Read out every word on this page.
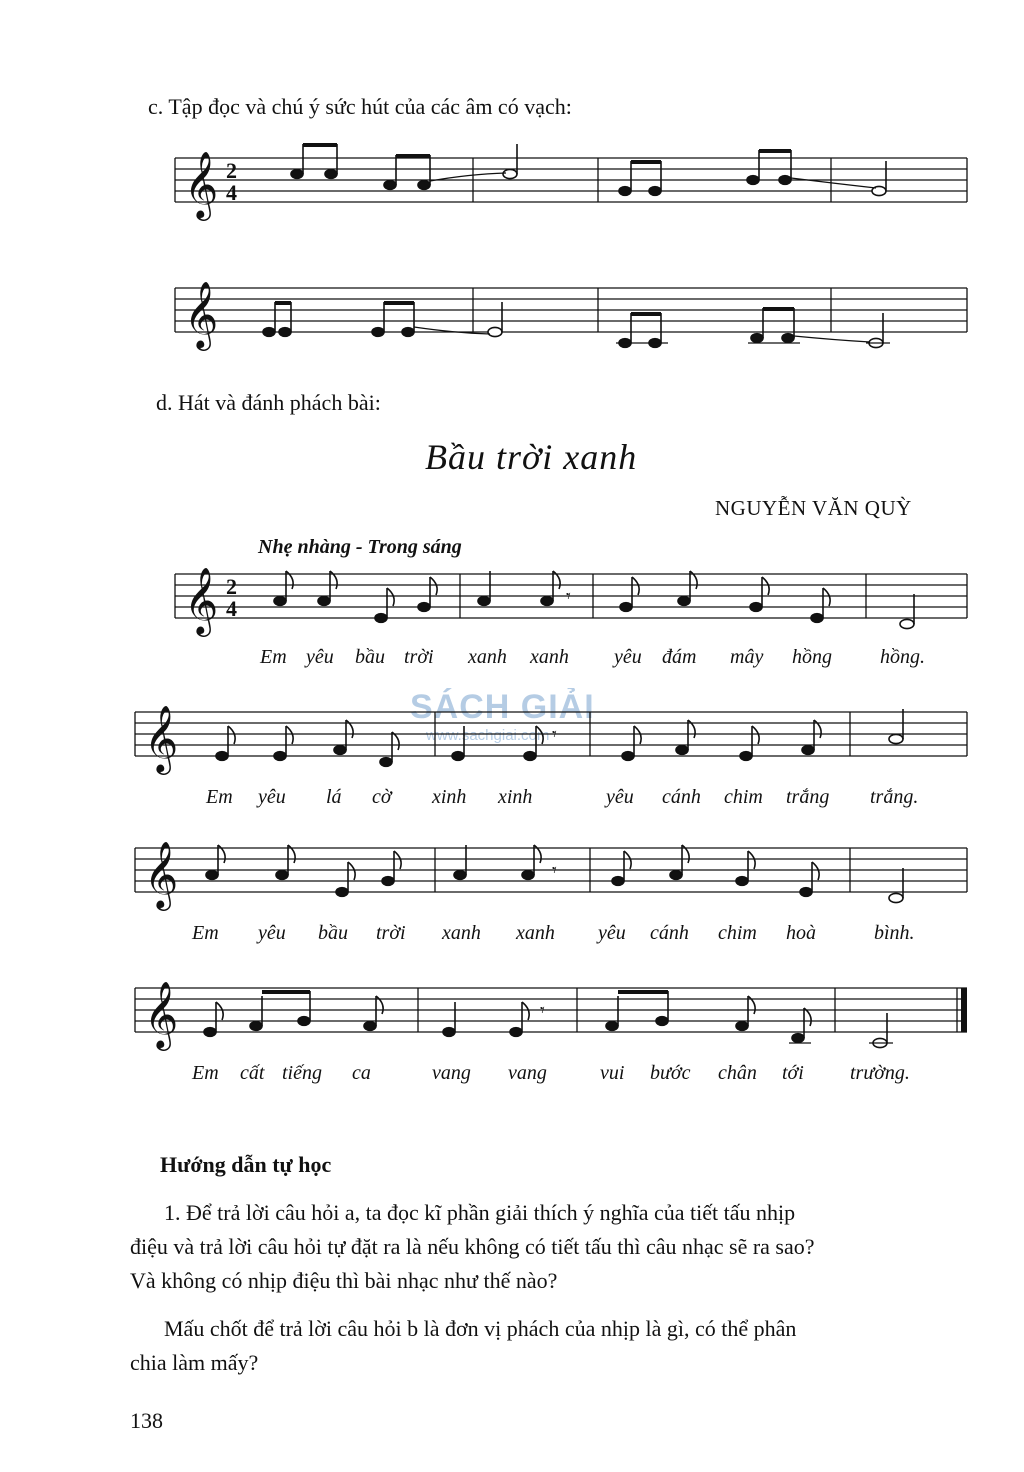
c. Tập đọc và chú ý sức hút của các âm có vạch:
𝄞 2
4
𝄞
d. Hát và đánh phách bài:
Bầu trời xanh
NGUYỄN VĂN QUỲ
Nhẹ nhàng - Trong sáng
𝄞 2
4	𝄾
Em yêu bầu trời xanh xanh yêu đám mây hồng hồng.
SÁCH GIẢI
www.sachgiai.com
𝄞	𝄾
Em yêu lá cờ xinh xinh	yêu cánh chim trắng trắng.
𝄞	𝄾
Em yêu bầu trời xanh xanh yêu cánh chim hoà	bình.
𝄞	𝄾
Em cất tiếng ca	vang vang	vui bước chân tới trường.
Hướng dẫn tự học
1. Để trả lời câu hỏi a, ta đọc kĩ phần giải thích ý nghĩa của tiết tấu nhịp
điệu và trả lời câu hỏi tự đặt ra là nếu không có tiết tấu thì câu nhạc sẽ ra sao?
Và không có nhịp điệu thì bài nhạc như thế nào?
Mấu chốt để trả lời câu hỏi b là đơn vị phách của nhịp là gì, có thể phân
chia làm mấy?
138
